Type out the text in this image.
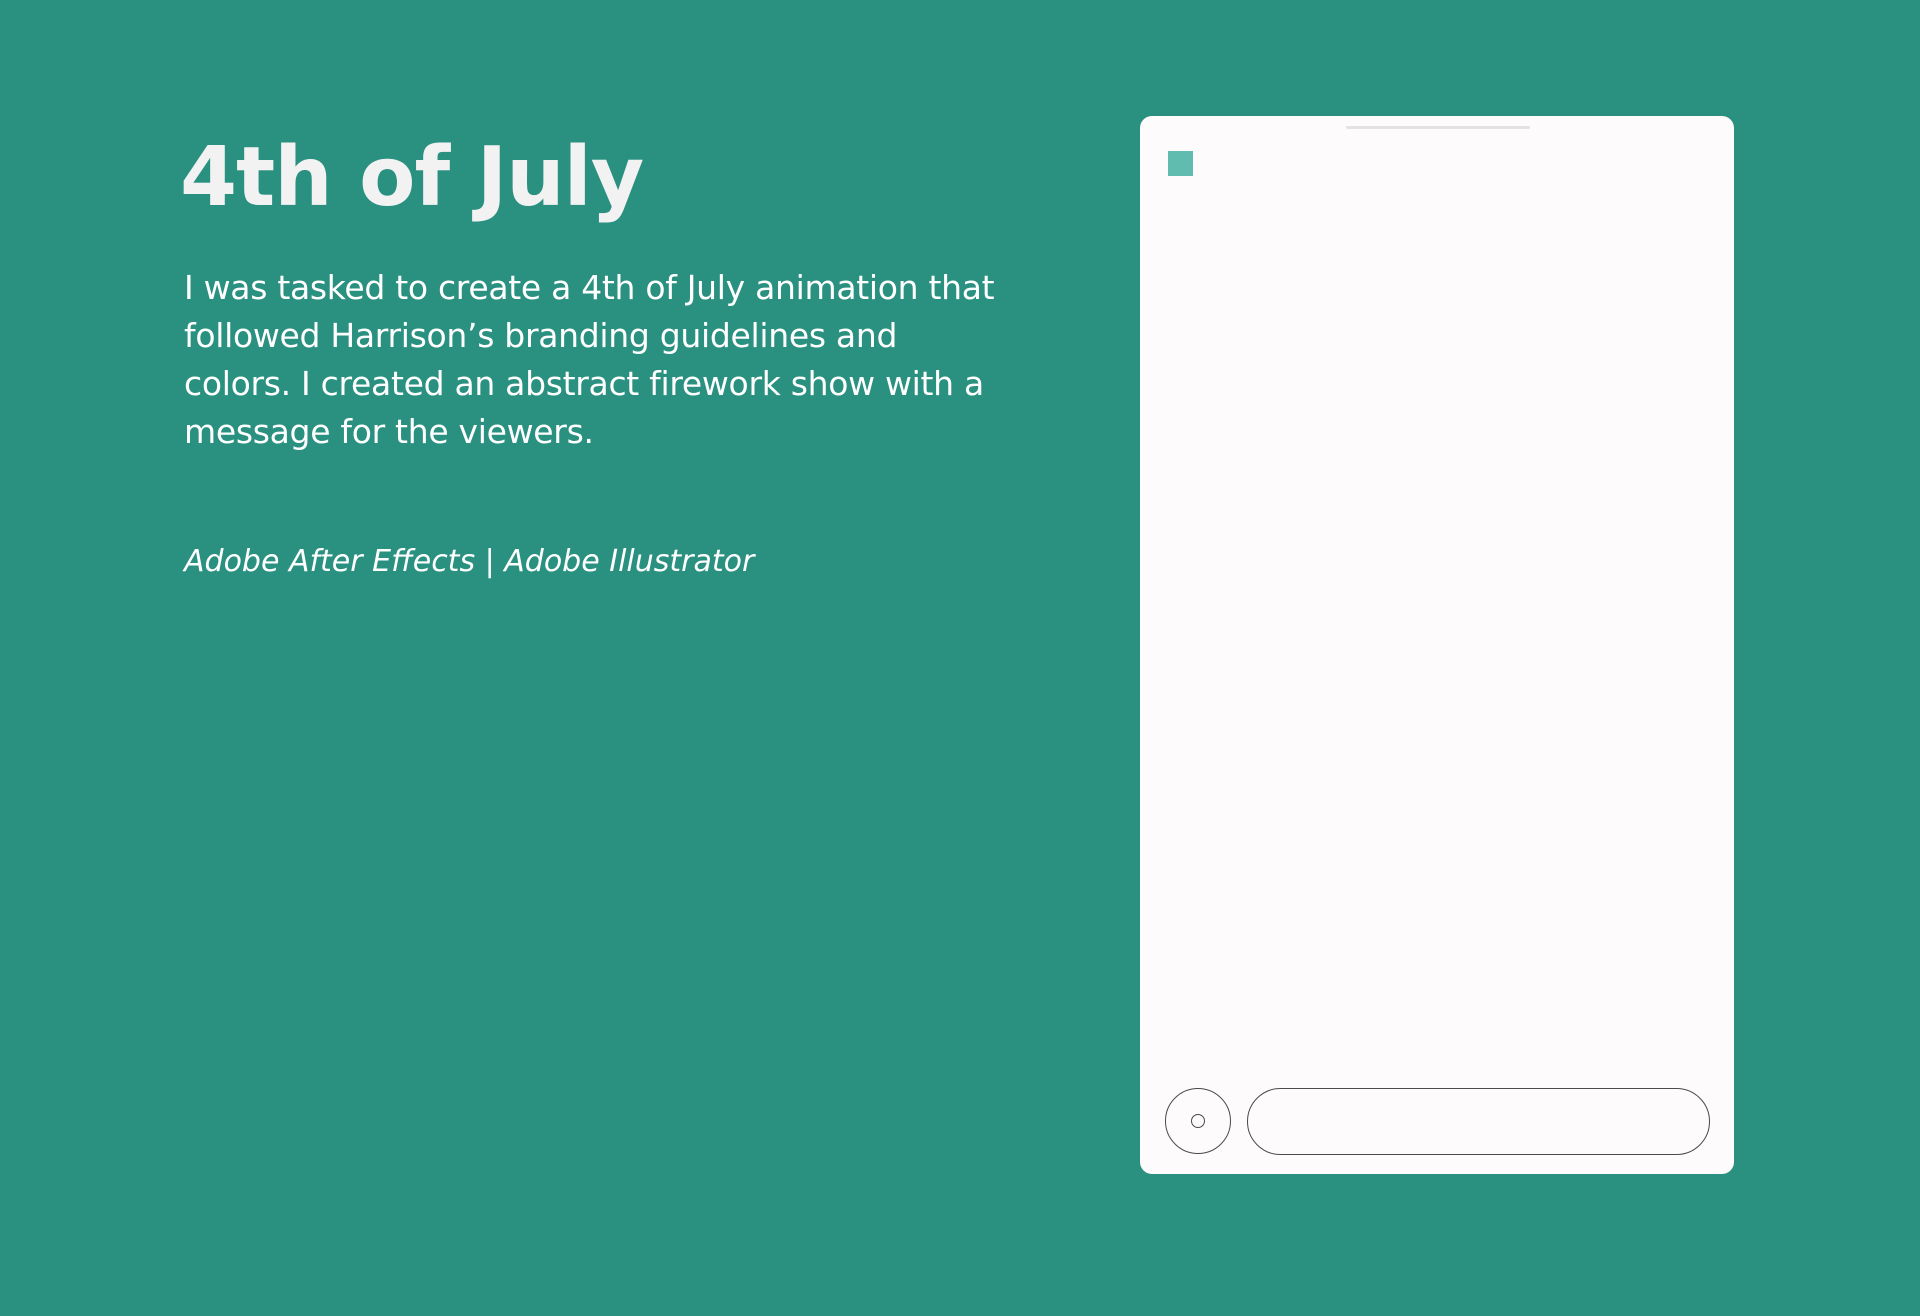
4th of July

I was tasked to create a 4th of July animation that followed Harrison’s branding guidelines and colors. I created an abstract firework show with a message for the viewers.

Adobe After Effects | Adobe Illustrator
